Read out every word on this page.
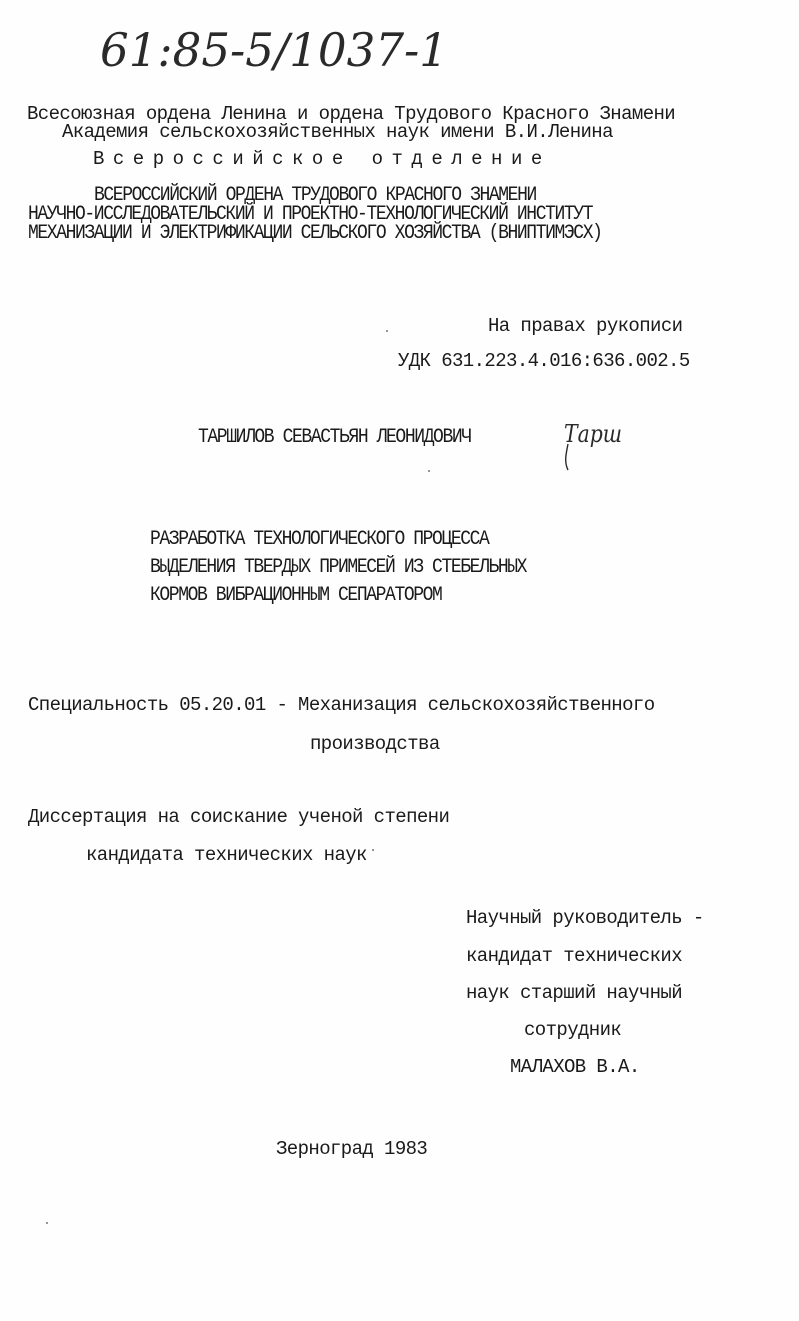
61:85-5/1037-1
Всесоюзная ордена Ленина и ордена Трудового Красного Знамени
Академия сельскохозяйственных наук имени В.И.Ленина
Всероссийское отделение
ВСЕРОССИЙСКИЙ ОРДЕНА ТРУДОВОГО КРАСНОГО ЗНАМЕНИ
НАУЧНО-ИССЛЕДОВАТЕЛЬСКИЙ И ПРОЕКТНО-ТЕХНОЛОГИЧЕСКИЙ ИНСТИТУТ
МЕХАНИЗАЦИИ И ЭЛЕКТРИФИКАЦИИ СЕЛЬСКОГО ХОЗЯЙСТВА (ВНИПТИМЭСХ)
На правах рукописи
УДК 631.223.4.016:636.002.5
ТАРШИЛОВ СЕВАСТЬЯН ЛЕОНИДОВИЧ	Тарш
РАЗРАБОТКА ТЕХНОЛОГИЧЕСКОГО ПРОЦЕССА
ВЫДЕЛЕНИЯ ТВЕРДЫХ ПРИМЕСЕЙ ИЗ СТЕБЕЛЬНЫХ
КОРМОВ ВИБРАЦИОННЫМ СЕПАРАТОРОМ
Специальность 05.20.01 - Механизация сельскохозяйственного
производства
Диссертация на соискание ученой степени
кандидата технических наук
Научный руководитель -
кандидат технических
наук старший научный
сотрудник
МАЛАХОВ В.А.
Зерноград 1983
